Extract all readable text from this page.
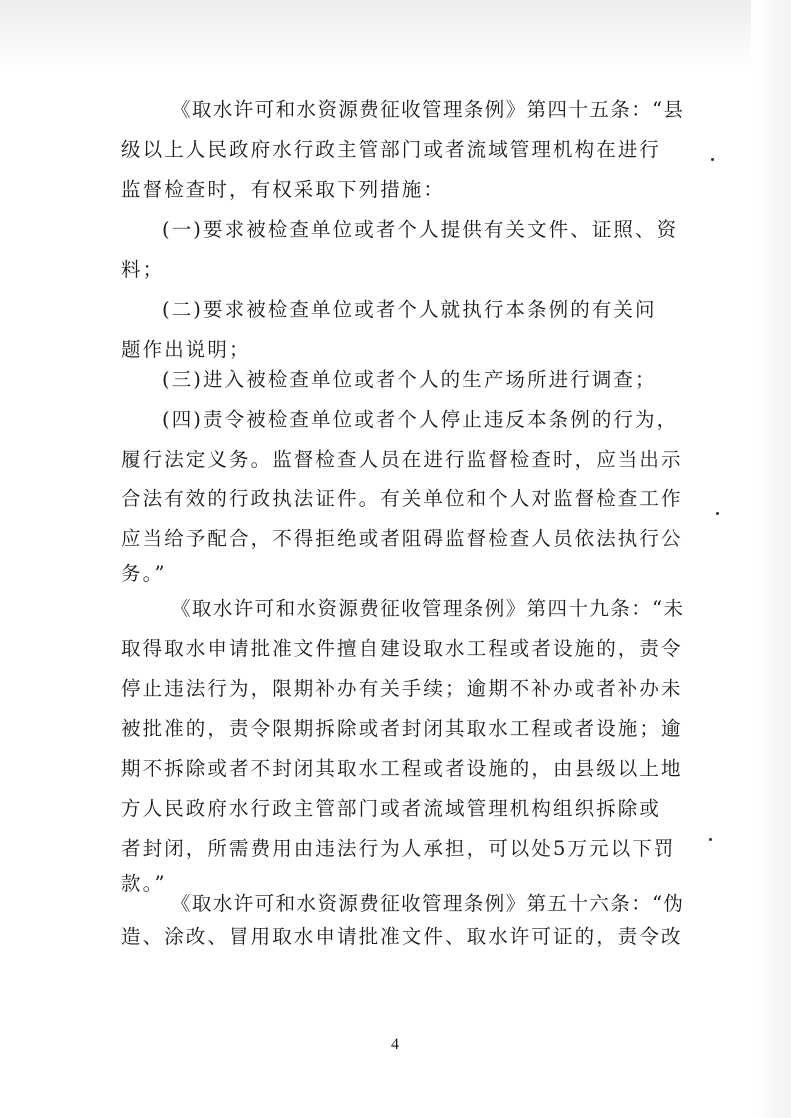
《取水许可和水资源费征收管理条例》第四十五条：“县

级以上人民政府水行政主管部门或者流域管理机构在进行

监督检查时，有权采取下列措施：

(一)要求被检查单位或者个人提供有关文件、证照、资

料；

(二)要求被检查单位或者个人就执行本条例的有关问

题作出说明；

(三)进入被检查单位或者个人的生产场所进行调查；

(四)责令被检查单位或者个人停止违反本条例的行为，

履行法定义务。监督检查人员在进行监督检查时，应当出示

合法有效的行政执法证件。有关单位和个人对监督检查工作

应当给予配合，不得拒绝或者阻碍监督检查人员依法执行公

务。”

《取水许可和水资源费征收管理条例》第四十九条：“未

取得取水申请批准文件擅自建设取水工程或者设施的，责令

停止违法行为，限期补办有关手续；逾期不补办或者补办未

被批准的，责令限期拆除或者封闭其取水工程或者设施；逾

期不拆除或者不封闭其取水工程或者设施的，由县级以上地

方人民政府水行政主管部门或者流域管理机构组织拆除或

者封闭，所需费用由违法行为人承担，可以处5万元以下罚

款。”

《取水许可和水资源费征收管理条例》第五十六条：“伪

造、涂改、冒用取水申请批准文件、取水许可证的，责令改

4
